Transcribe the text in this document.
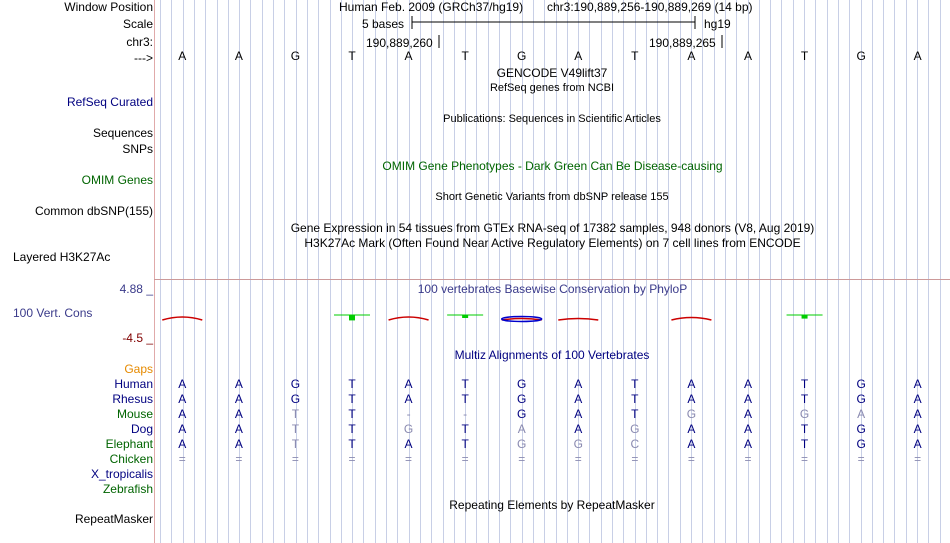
Window Position
Scale
chr3:
--->
Human Feb. 2009 (GRCh37/hg19) chr3:190,889,256-190,889,269 (14 bp)
5 bases	hg19
190,889,260	190,889,265
A	A	G	T	A	T	G	A	T	A	A	T	G	A
GENCODE V49lift37
RefSeq genes from NCBI
Publications: Sequences in Scientific Articles
OMIM Gene Phenotypes - Dark Green Can Be Disease-causing
Short Genetic Variants from dbSNP release 155
Gene Expression in 54 tissues from GTEx RNA-seq of 17382 samples, 948 donors (V8, Aug 2019)
H3K27Ac Mark (Often Found Near Active Regulatory Elements) on 7 cell lines from ENCODE
100 vertebrates Basewise Conservation by PhyloP
Multiz Alignments of 100 Vertebrates
Repeating Elements by RepeatMasker
RefSeq Curated
Sequences
SNPs
OMIM Genes
Common dbSNP(155)
Layered H3K27Ac
4.88 _
100 Vert. Cons
-4.5 _
Gaps
RepeatMasker
Human	A	A	G	T	A	T	G	A	T	A	A	T	G	A
Rhesus	A	A	G	T	A	T	G	A	T	A	A	T	G	A
Mouse	A	A	T	T	-	-	G	A	T	G	A	G	A	A
Dog	A	A	T	T	G	T	A	A	G	A	A	T	G	A
Elephant	A	A	T	T	A	T	G	G	C	A	A	T	G	A
Chicken	=	=	=	=	=	=	=	=	=	=	=	=	=	=
X_tropicalis
Zebrafish
